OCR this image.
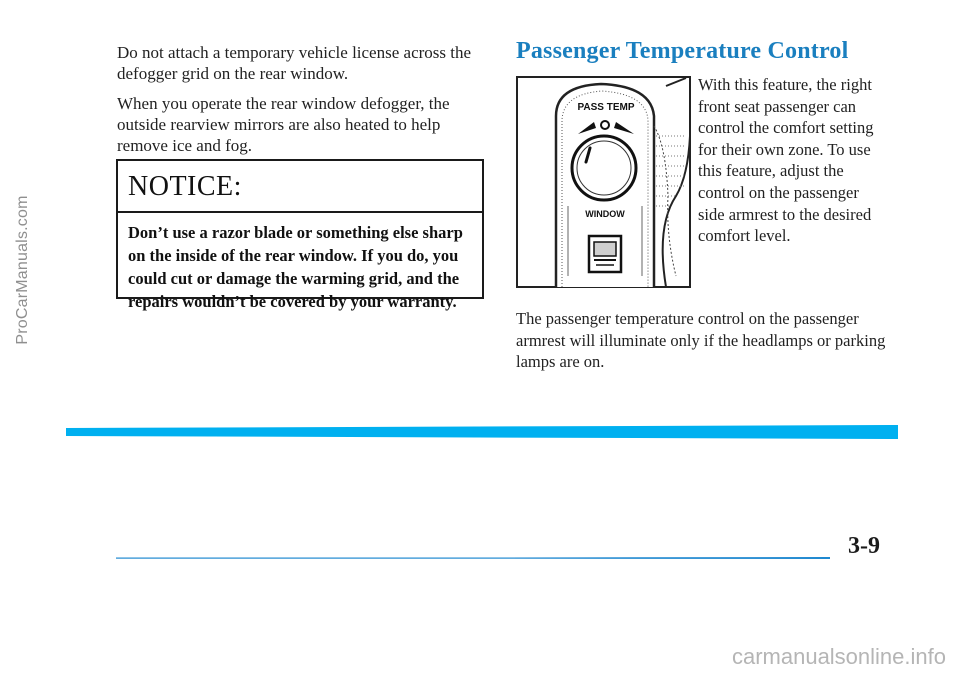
ProCarManuals.com

Do not attach a temporary vehicle license across the defogger grid on the rear window.

When you operate the rear window defogger, the outside rearview mirrors are also heated to help remove ice and fog.

NOTICE:
Don’t use a razor blade or something else sharp on the inside of the rear window. If you do, you could cut or damage the warming grid, and the repairs wouldn’t be covered by your warranty.
Passenger Temperature Control
PASS TEMP
WINDOW
With this feature, the right front seat passenger can control the comfort setting for their own zone. To use this feature, adjust the control on the passenger side armrest to the desired comfort level.
The passenger temperature control on the passenger armrest will illuminate only if the headlamps or parking lamps are on.
3-9
carmanualsonline.info
